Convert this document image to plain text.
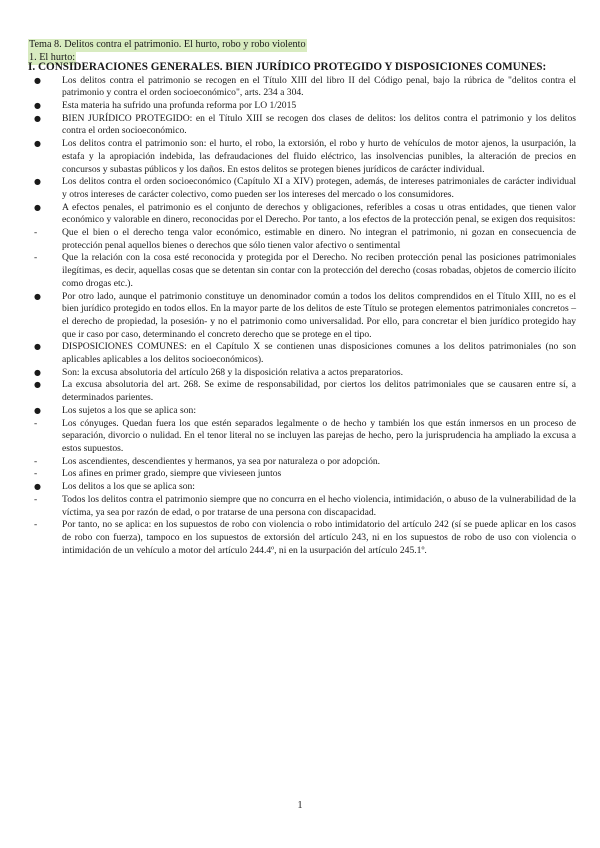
Tema 8. Delitos contra el patrimonio. El hurto, robo y robo violento
1. El hurto:
I. CONSIDERACIONES GENERALES. BIEN JURÍDICO PROTEGIDO Y DISPOSICIONES COMUNES:
●
Los delitos contra el patrimonio se recogen en el Título XIII del libro II del Código penal, bajo la rúbrica de "delitos contra el patrimonio y contra el orden socioeconómico", arts. 234 a 304.
●
Esta materia ha sufrido una profunda reforma por LO 1/2015
●
BIEN JURÍDICO PROTEGIDO: en el Título XIII se recogen dos clases de delitos: los delitos contra el patrimonio y los delitos contra el orden socioeconómico.
●
Los delitos contra el patrimonio son: el hurto, el robo, la extorsión, el robo y hurto de vehículos de motor ajenos, la usurpación, la estafa y la apropiación indebida, las defraudaciones del fluido eléctrico, las insolvencias punibles, la alteración de precios en concursos y subastas públicos y los daños. En estos delitos se protegen bienes jurídicos de carácter individual.
●
Los delitos contra el orden socioeconómico (Capítulo XI a XIV) protegen, además, de intereses patrimoniales de carácter individual y otros intereses de carácter colectivo, como pueden ser los intereses del mercado o los consumidores.
●
A efectos penales, el patrimonio es el conjunto de derechos y obligaciones, referibles a cosas u otras entidades, que tienen valor económico y valorable en dinero, reconocidas por el Derecho. Por tanto, a los efectos de la protección penal, se exigen dos requisitos:
-
Que el bien o el derecho tenga valor económico, estimable en dinero. No integran el patrimonio, ni gozan en consecuencia de protección penal aquellos bienes o derechos que sólo tienen valor afectivo o sentimental
-
Que la relación con la cosa esté reconocida y protegida por el Derecho. No reciben protección penal las posiciones patrimoniales ilegítimas, es decir, aquellas cosas que se detentan sin contar con la protección del derecho (cosas robadas, objetos de comercio ilícito como drogas etc.).
●
Por otro lado, aunque el patrimonio constituye un denominador común a todos los delitos comprendidos en el Título XIII, no es el bien jurídico protegido en todos ellos. En la mayor parte de los delitos de este Título se protegen elementos patrimoniales concretos –el derecho de propiedad, la posesión- y no el patrimonio como universalidad. Por ello, para concretar el bien jurídico protegido hay que ir caso por caso, determinando el concreto derecho que se protege en el tipo.
●
DISPOSICIONES COMUNES: en el Capítulo X se contienen unas disposiciones comunes a los delitos patrimoniales (no son aplicables aplicables a los delitos socioeconómicos).
●
Son: la excusa absolutoria del artículo 268 y la disposición relativa a actos preparatorios.
●
La excusa absolutoria del art. 268. Se exime de responsabilidad, por ciertos los delitos patrimoniales que se causaren entre sí, a determinados parientes.
●
Los sujetos a los que se aplica son:
-
Los cónyuges. Quedan fuera los que estén separados legalmente o de hecho y también los que están inmersos en un proceso de separación, divorcio o nulidad. En el tenor literal no se incluyen las parejas de hecho, pero la jurisprudencia ha ampliado la excusa a estos supuestos.
-
Los ascendientes, descendientes y hermanos, ya sea por naturaleza o por adopción.
-
Los afines en primer grado, siempre que vivieseen juntos
●
Los delitos a los que se aplica son:
-
Todos los delitos contra el patrimonio siempre que no concurra en el hecho violencia, intimidación, o abuso de la vulnerabilidad de la víctima, ya sea por razón de edad, o por tratarse de una persona con discapacidad.
-
Por tanto, no se aplica: en los supuestos de robo con violencia o robo intimidatorio del artículo 242 (sí se puede aplicar en los casos de robo con fuerza), tampoco en los supuestos de extorsión del artículo 243, ni en los supuestos de robo de uso con violencia o intimidación de un vehículo a motor del artículo 244.4º, ni en la usurpación del artículo 245.1º.
1
